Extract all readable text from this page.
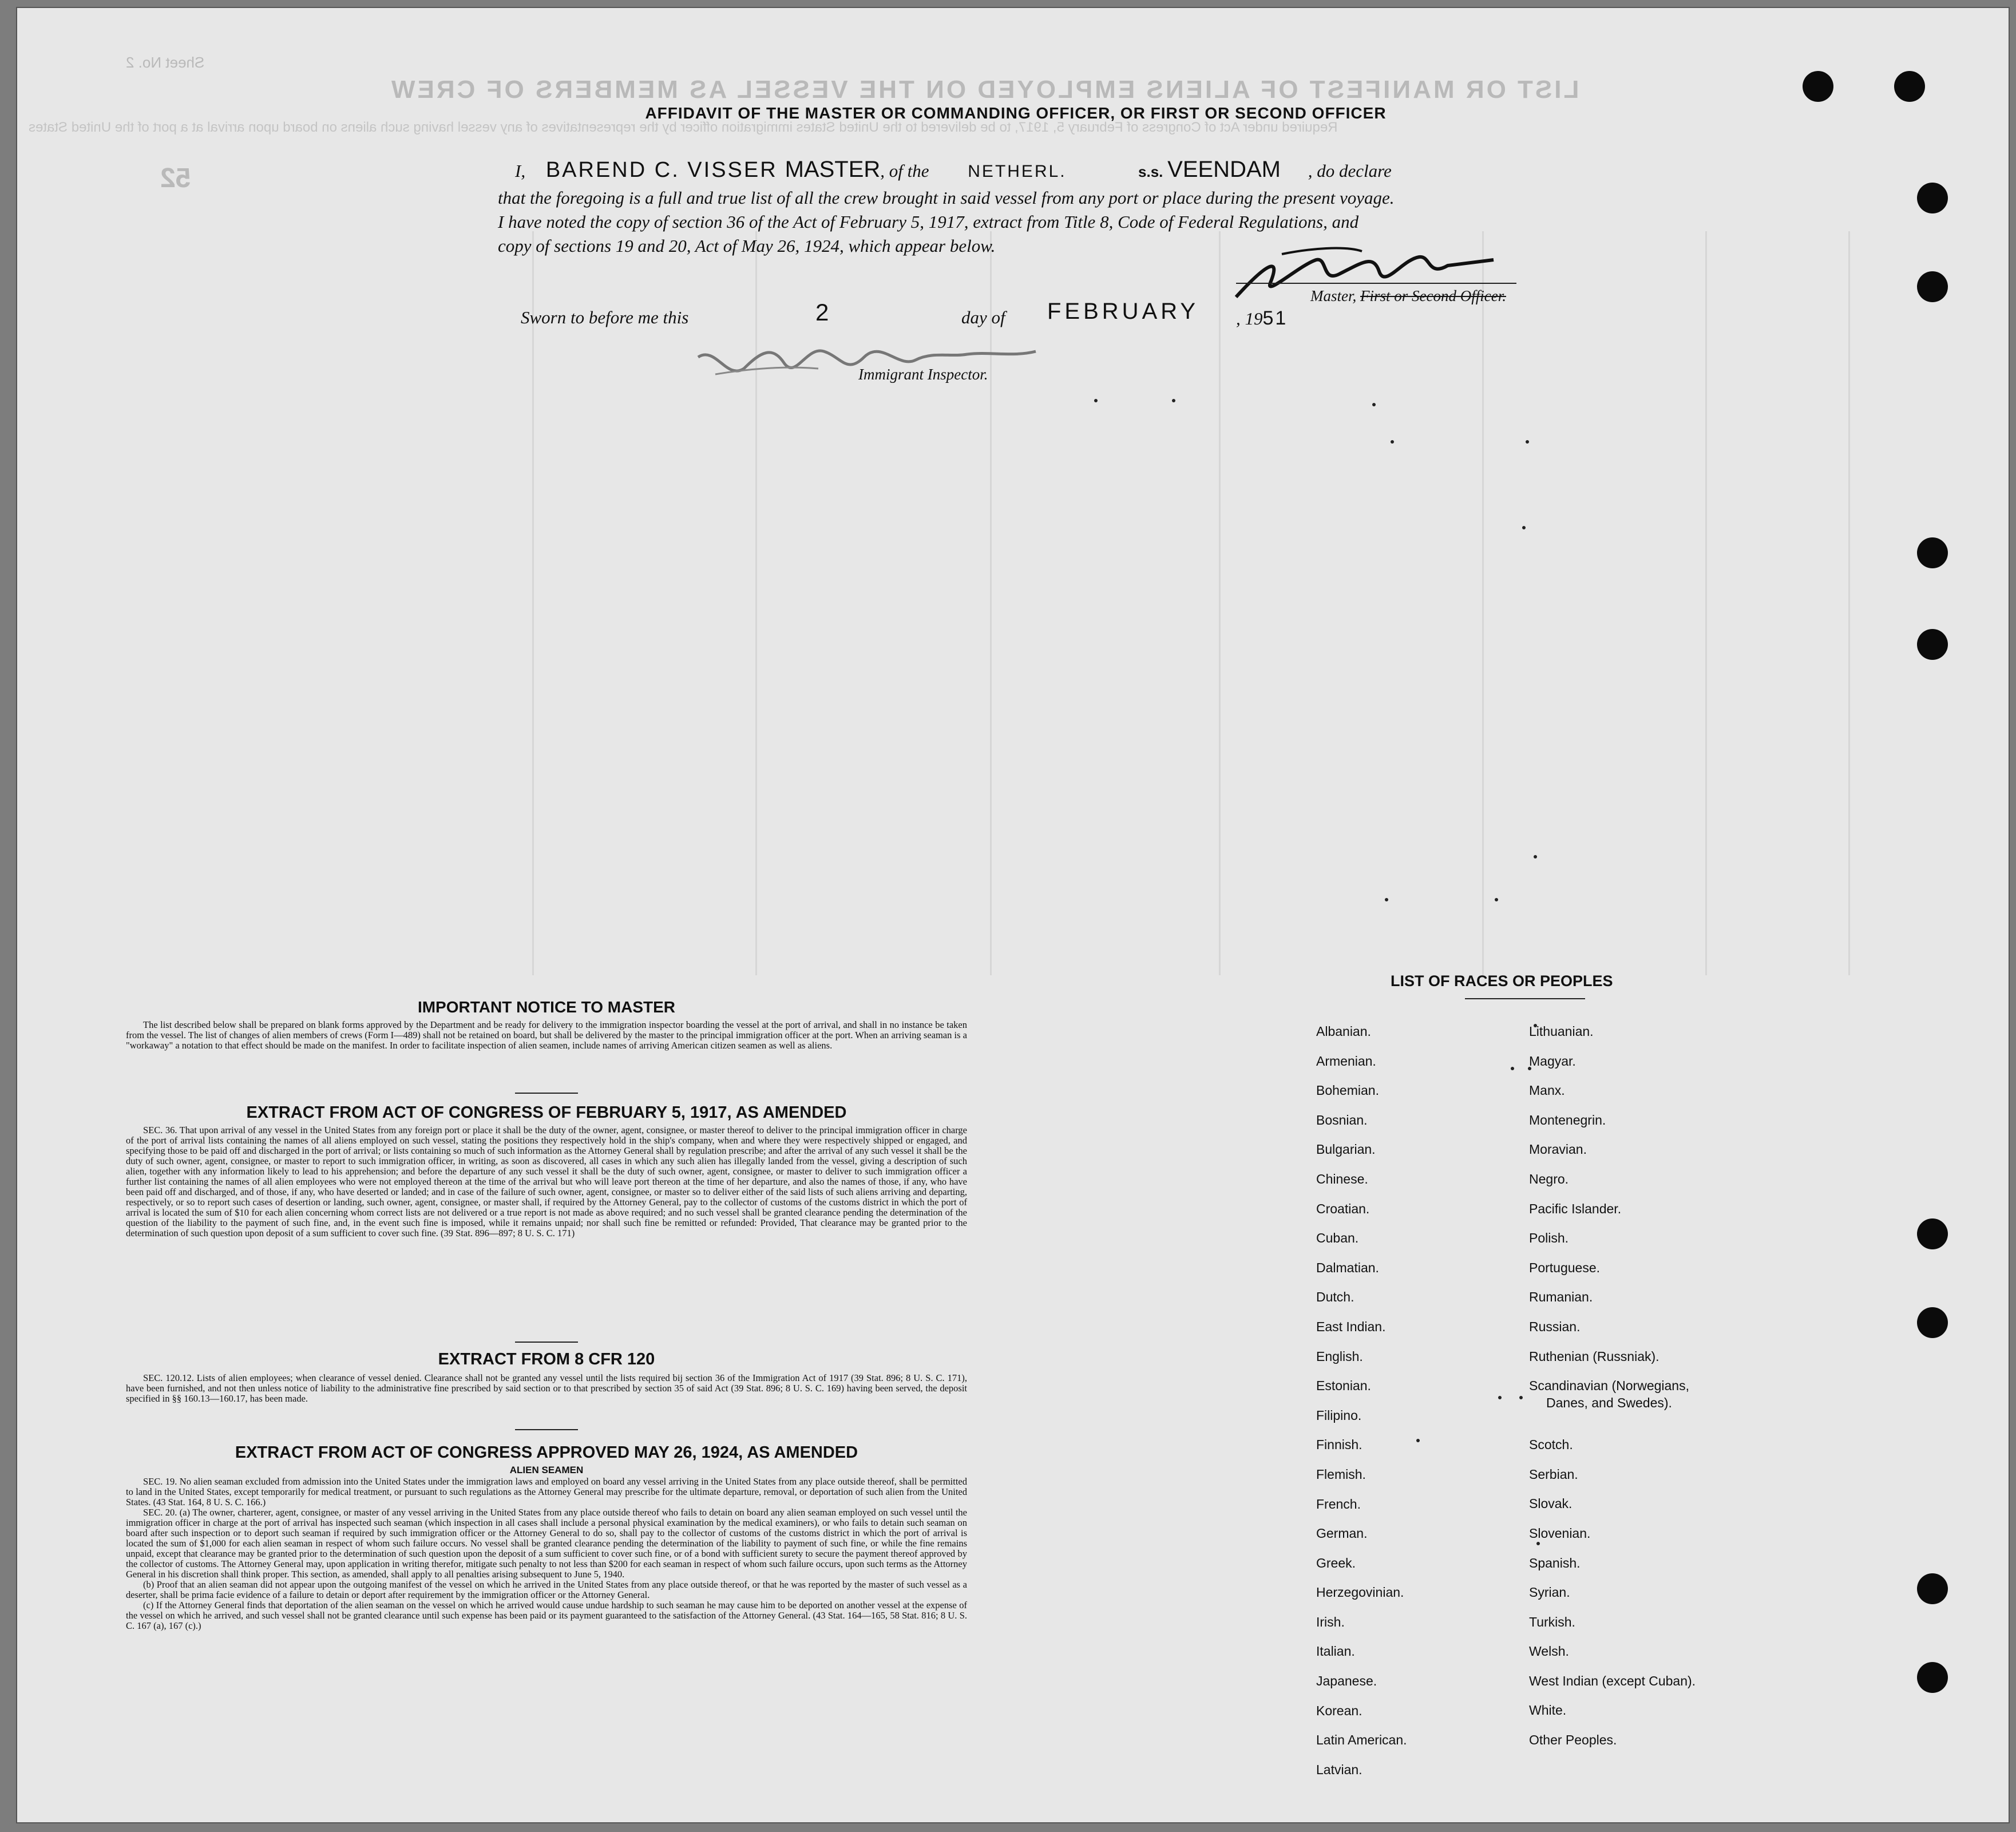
LIST OR MANIFEST OF ALIENS EMPLOYED ON THE VESSEL AS MEMBERS OF CREW
Required under Act of Congress of February 5, 1917, to be delivered to the United States immigration officer by the representatives of any vessel having such aliens on board upon arrival at a port of the United States
Sheet No. 2
52
AFFIDAVIT OF THE MASTER OR COMMANDING OFFICER, OR FIRST OR SECOND OFFICER
I, BAREND C. VISSER MASTER, of the NETHERL.	s.s. VEENDAM , do declare
that the foregoing is a full and true list of all the crew brought in said vessel from any port or place during the present voyage.
I have noted the copy of section 36 of the Act of February 5, 1917, extract from Title 8, Code of Federal Regulations, and
copy of sections 19 and 20, Act of May 26, 1924, which appear below.
Master, First or Second Officer.
Sworn to before me this	2	day of FEBRUARY , 1951
Immigrant Inspector.
IMPORTANT NOTICE TO MASTER

The list described below shall be prepared on blank forms approved by the Department and be ready for delivery to the immigration inspector boarding the vessel at the port of arrival, and shall in no instance be taken from the vessel. The list of changes of alien members of crews (Form I—489) shall not be retained on board, but shall be delivered by the master to the principal immigration officer at the port. When an arriving seaman is a "workaway" a notation to that effect should be made on the manifest. In order to facilitate inspection of alien seamen, include names of arriving American citizen seamen as well as aliens.

EXTRACT FROM ACT OF CONGRESS OF FEBRUARY 5, 1917, AS AMENDED

SEC. 36. That upon arrival of any vessel in the United States from any foreign port or place it shall be the duty of the owner, agent, consignee, or master thereof to deliver to the principal immigration officer in charge of the port of arrival lists containing the names of all aliens employed on such vessel, stating the positions they respectively hold in the ship's company, when and where they were respectively shipped or engaged, and specifying those to be paid off and discharged in the port of arrival; or lists containing so much of such information as the Attorney General shall by regulation prescribe; and after the arrival of any such vessel it shall be the duty of such owner, agent, consignee, or master to report to such immigration officer, in writing, as soon as discovered, all cases in which any such alien has illegally landed from the vessel, giving a description of such alien, together with any information likely to lead to his apprehension; and before the departure of any such vessel it shall be the duty of such owner, agent, consignee, or master to deliver to such immigration officer a further list containing the names of all alien employees who were not employed thereon at the time of the arrival but who will leave port thereon at the time of her departure, and also the names of those, if any, who have been paid off and discharged, and of those, if any, who have deserted or landed; and in case of the failure of such owner, agent, consignee, or master so to deliver either of the said lists of such aliens arriving and departing, respectively, or so to report such cases of desertion or landing, such owner, agent, consignee, or master shall, if required by the Attorney General, pay to the collector of customs of the customs district in which the port of arrival is located the sum of $10 for each alien concerning whom correct lists are not delivered or a true report is not made as above required; and no such vessel shall be granted clearance pending the determination of the question of the liability to the payment of such fine, and, in the event such fine is imposed, while it remains unpaid; nor shall such fine be remitted or refunded: Provided, That clearance may be granted prior to the determination of such question upon deposit of a sum sufficient to cover such fine. (39 Stat. 896—897; 8 U. S. C. 171)

EXTRACT FROM 8 CFR 120

SEC. 120.12. Lists of alien employees; when clearance of vessel denied. Clearance shall not be granted any vessel until the lists required bij section 36 of the Immigration Act of 1917 (39 Stat. 896; 8 U. S. C. 171), have been furnished, and not then unless notice of liability to the administrative fine prescribed by said section or to that prescribed by section 35 of said Act (39 Stat. 896; 8 U. S. C. 169) having been served, the deposit specified in §§ 160.13—160.17, has been made.

EXTRACT FROM ACT OF CONGRESS APPROVED MAY 26, 1924, AS AMENDED
ALIEN SEAMEN

SEC. 19. No alien seaman excluded from admission into the United States under the immigration laws and employed on board any vessel arriving in the United States from any place outside thereof, shall be permitted to land in the United States, except temporarily for medical treatment, or pursuant to such regulations as the Attorney General may prescribe for the ultimate departure, removal, or deportation of such alien from the United States. (43 Stat. 164, 8 U. S. C. 166.)

SEC. 20. (a) The owner, charterer, agent, consignee, or master of any vessel arriving in the United States from any place outside thereof who fails to detain on board any alien seaman employed on such vessel until the immigration officer in charge at the port of arrival has inspected such seaman (which inspection in all cases shall include a personal physical examination by the medical examiners), or who fails to detain such seaman on board after such inspection or to deport such seaman if required by such immigration officer or the Attorney General to do so, shall pay to the collector of customs of the customs district in which the port of arrival is located the sum of $1,000 for each alien seaman in respect of whom such failure occurs. No vessel shall be granted clearance pending the determination of the liability to payment of such fine, or while the fine remains unpaid, except that clearance may be granted prior to the determination of such question upon the deposit of a sum sufficient to cover such fine, or of a bond with sufficient surety to secure the payment thereof approved by the collector of customs. The Attorney General may, upon application in writing therefor, mitigate such penalty to not less than $200 for each seaman in respect of whom such failure occurs, upon such terms as the Attorney General in his discretion shall think proper. This section, as amended, shall apply to all penalties arising subsequent to June 5, 1940.

(b) Proof that an alien seaman did not appear upon the outgoing manifest of the vessel on which he arrived in the United States from any place outside thereof, or that he was reported by the master of such vessel as a deserter, shall be prima facie evidence of a failure to detain or deport after requirement by the immigration officer or the Attorney General.

(c) If the Attorney General finds that deportation of the alien seaman on the vessel on which he arrived would cause undue hardship to such seaman he may cause him to be deported on another vessel at the expense of the vessel on which he arrived, and such vessel shall not be granted clearance until such expense has been paid or its payment guaranteed to the satisfaction of the Attorney General. (43 Stat. 164—165, 58 Stat. 816; 8 U. S. C. 167 (a), 167 (c).)

LIST OF RACES OR PEOPLES
Albanian.
Armenian.
Bohemian.
Bosnian.
Bulgarian.
Chinese.
Croatian.
Cuban.
Dalmatian.
Dutch.
East Indian.
English.
Estonian.
Filipino.
Finnish.
Flemish.
French.
German.
Greek.
Herzegovinian.
Irish.
Italian.
Japanese.
Korean.
Latin American.
Latvian.
Lithuanian.
Magyar.
Manx.
Montenegrin.
Moravian.
Negro.
Pacific Islander.
Polish.
Portuguese.
Rumanian.
Russian.
Ruthenian (Russniak).
Scandinavian (Norwegians,
Danes, and Swedes).
Scotch.
Serbian.
Slovak.
Slovenian.
Spanish.
Syrian.
Turkish.
Welsh.
West Indian (except Cuban).
White.
Other Peoples.
